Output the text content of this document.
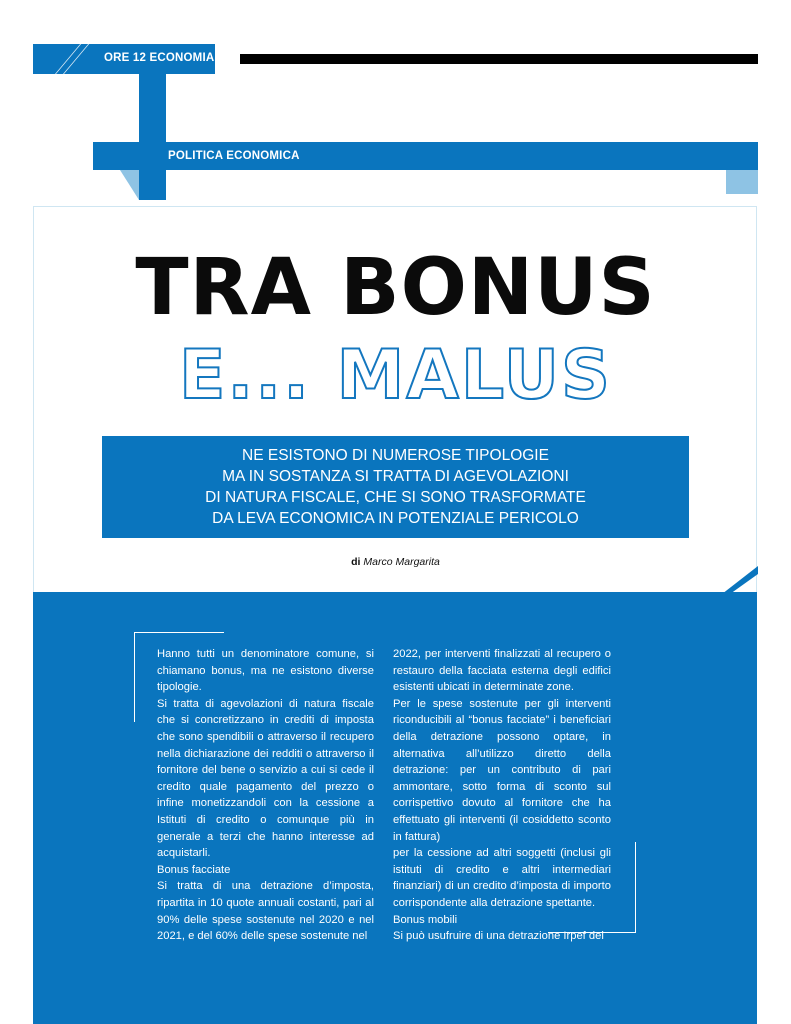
ORE 12 ECONOMIA
POLITICA ECONOMICA
TRA BONUS
E... MALUS
NE ESISTONO DI NUMEROSE TIPOLOGIE
MA IN SOSTANZA SI TRATTA DI AGEVOLAZIONI
DI NATURA FISCALE, CHE SI SONO TRASFORMATE
DA LEVA ECONOMICA IN POTENZIALE PERICOLO
di Marco Margarita

Hanno tutti un denominatore comune, si chiamano bonus, ma ne esistono diverse tipologie.

Si tratta di agevolazioni di natura fiscale che si concretizzano in crediti di imposta che sono spendibili o attraverso il recupero nella dichiarazione dei redditi o attraverso il fornitore del bene o servizio a cui si cede il credito quale pagamento del prezzo o infine monetizzandoli con la cessione a Istituti di credito o comunque più in generale a terzi che hanno interesse ad acquistarli.

Bonus facciate

Si tratta di una detrazione d’imposta, ripartita in 10 quote annuali costanti, pari al 90% delle spese sostenute nel 2020 e nel 2021, e del 60% delle spese sostenute nel

2022, per interventi finalizzati al recupero o restauro della facciata esterna degli edifici esistenti ubicati in determinate zone.

Per le spese sostenute per gli interventi riconducibili al “bonus facciate” i beneficiari della detrazione possono optare, in alternativa all’utilizzo diretto della detrazione: per un contributo di pari ammontare, sotto forma di sconto sul corrispettivo dovuto al fornitore che ha effettuato gli interventi (il cosiddetto sconto in fattura)

per la cessione ad altri soggetti (inclusi gli istituti di credito e altri intermediari finanziari) di un credito d’imposta di importo corrispondente alla detrazione spettante.

Bonus mobili

Si può usufruire di una detrazione Irpef del
